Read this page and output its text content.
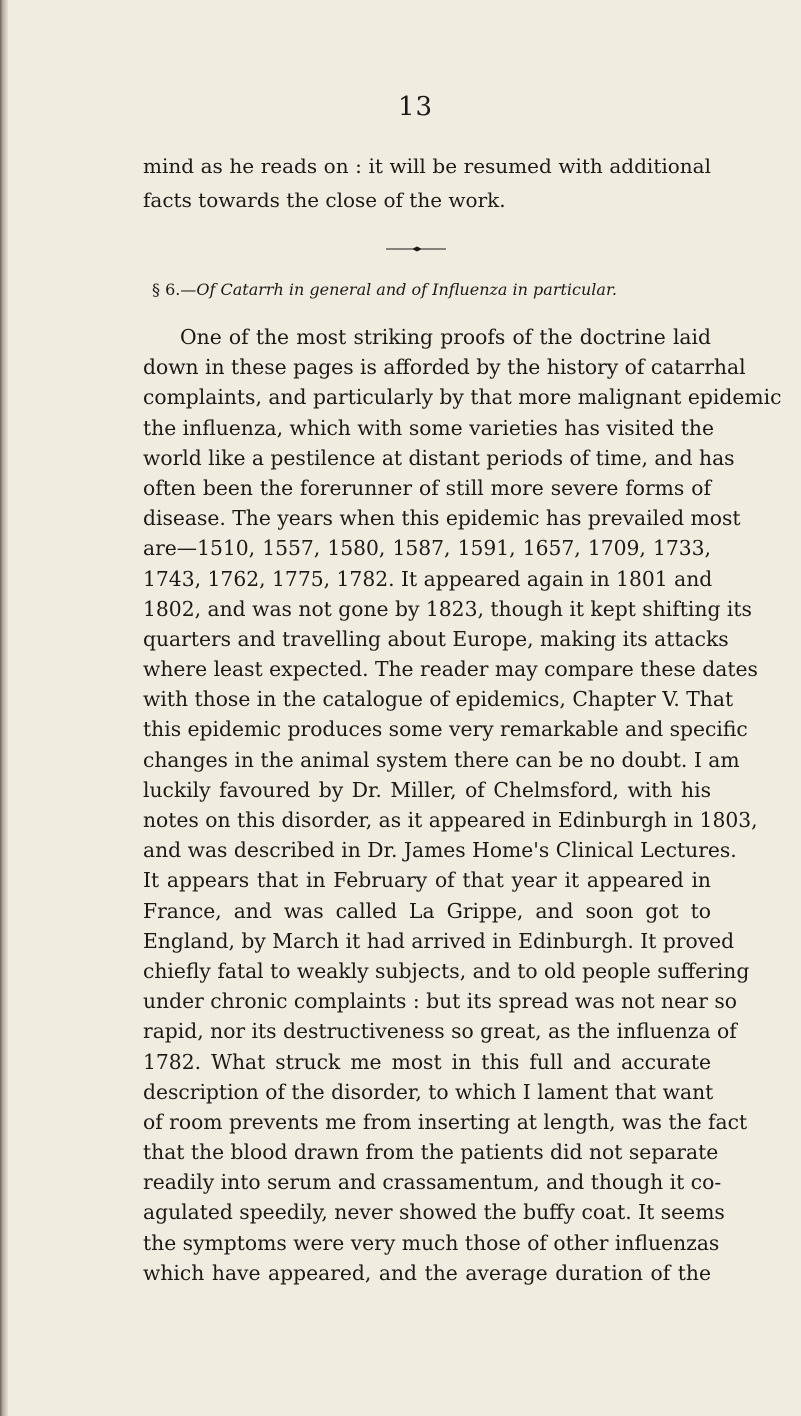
13
mind as he reads on : it will be resumed with additional
facts towards the close of the work.
§ 6.—Of Catarrh in general and of Influenza in particular.
One of the most striking proofs of the doctrine laid
down in these pages is afforded by the history of catarrhal
complaints, and particularly by that more malignant epidemic
the influenza, which with some varieties has visited the
world like a pestilence at distant periods of time, and has
often been the forerunner of still more severe forms of
disease. The years when this epidemic has prevailed most
are—1510, 1557, 1580, 1587, 1591, 1657, 1709, 1733,
1743, 1762, 1775, 1782. It appeared again in 1801 and
1802, and was not gone by 1823, though it kept shifting its
quarters and travelling about Europe, making its attacks
where least expected. The reader may compare these dates
with those in the catalogue of epidemics, Chapter V. That
this epidemic produces some very remarkable and specific
changes in the animal system there can be no doubt. I am
luckily favoured by Dr. Miller, of Chelmsford, with his
notes on this disorder, as it appeared in Edinburgh in 1803,
and was described in Dr. James Home's Clinical Lectures.
It appears that in February of that year it appeared in
France, and was called La Grippe, and soon got to
England, by March it had arrived in Edinburgh. It proved
chiefly fatal to weakly subjects, and to old people suffering
under chronic complaints : but its spread was not near so
rapid, nor its destructiveness so great, as the influenza of
1782. What struck me most in this full and accurate
description of the disorder, to which I lament that want
of room prevents me from inserting at length, was the fact
that the blood drawn from the patients did not separate
readily into serum and crassamentum, and though it co-
agulated speedily, never showed the buffy coat. It seems
the symptoms were very much those of other influenzas
which have appeared, and the average duration of the
